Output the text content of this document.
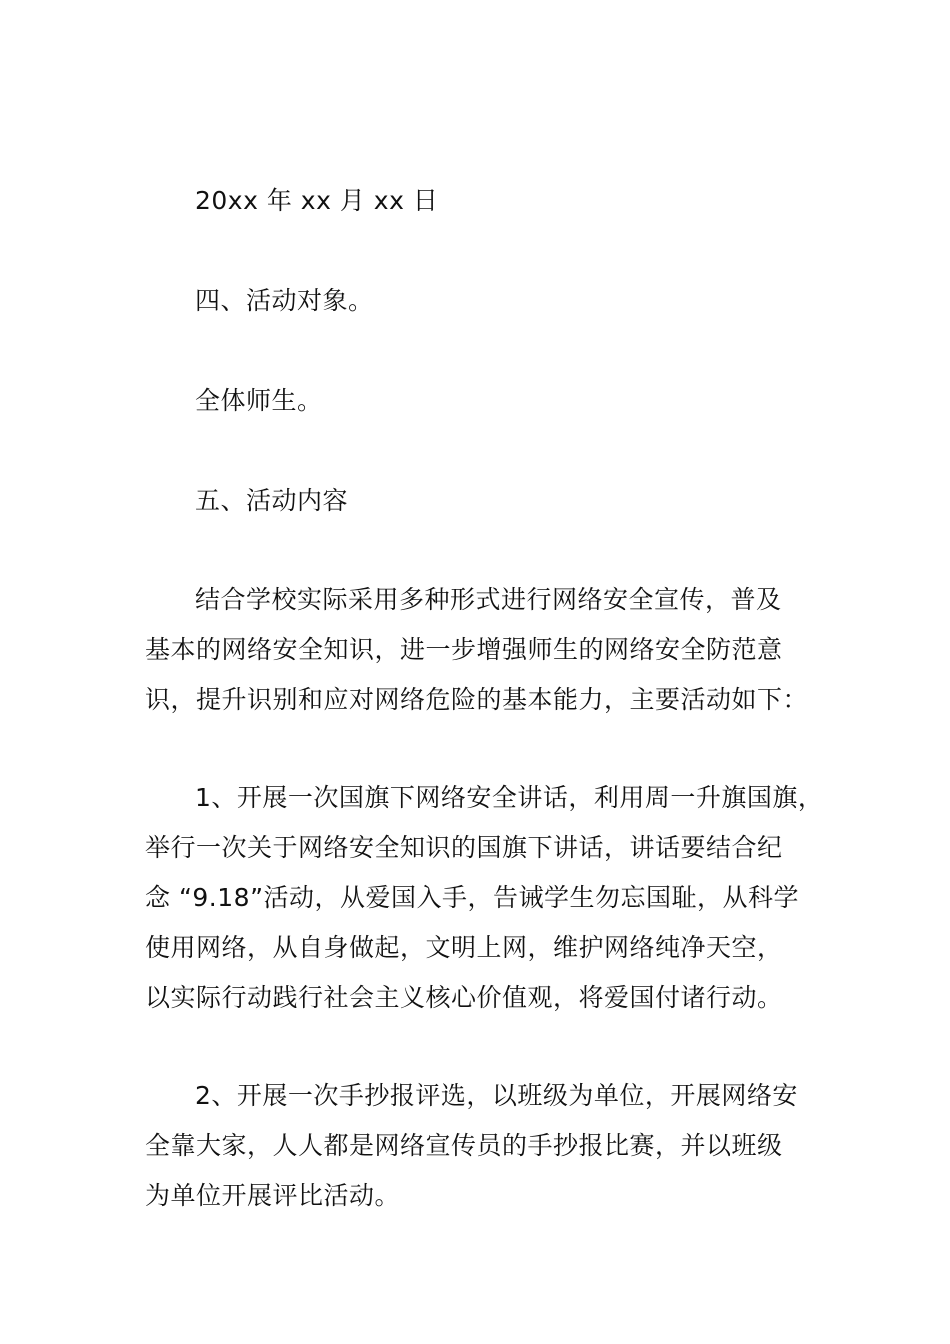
20xx 年 xx 月 xx 日

四、活动对象。

全体师生。

五、活动内容

结合学校实际采用多种形式进行网络安全宣传，普及
基本的网络安全知识，进一步增强师生的网络安全防范意
识，提升识别和应对网络危险的基本能力，主要活动如下：
1、开展一次国旗下网络安全讲话，利用周一升旗国旗，
举行一次关于网络安全知识的国旗下讲话，讲话要结合纪
念 “9.18”活动，从爱国入手，告诫学生勿忘国耻，从科学
使用网络，从自身做起，文明上网，维护网络纯净天空，
以实际行动践行社会主义核心价值观，将爱国付诸行动。
2、开展一次手抄报评选，以班级为单位，开展网络安
全靠大家，人人都是网络宣传员的手抄报比赛，并以班级
为单位开展评比活动。
